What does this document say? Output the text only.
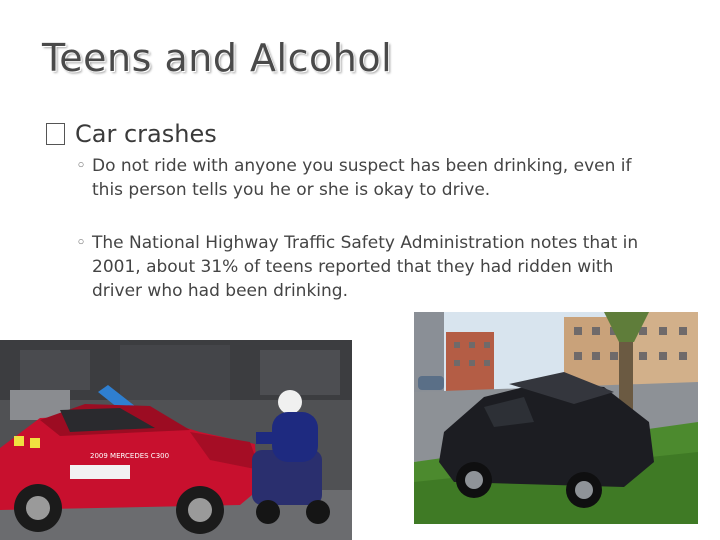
Teens and Alcohol
Car crashes
◦ Do not ride with anyone you suspect has been drinking, even if this person tells you he or she is okay to drive.
◦ The National Highway Traffic Safety Administration notes that in 2001, about 31% of teens reported that they had ridden with driver who had been drinking.
2009 MERCEDES C300
